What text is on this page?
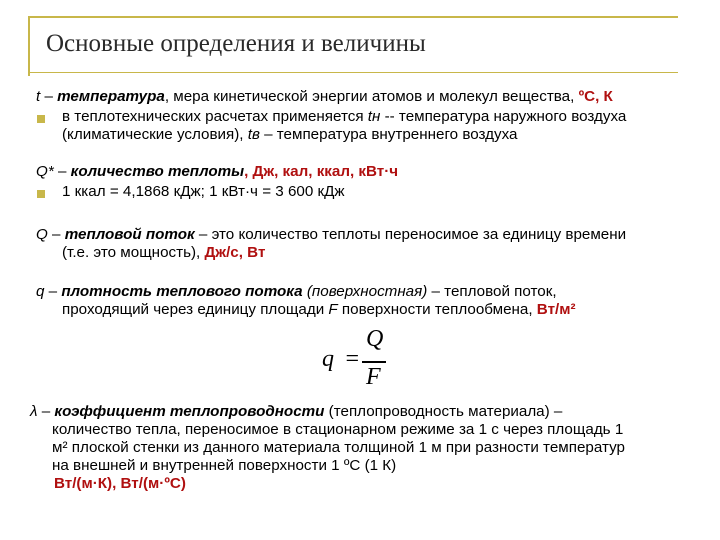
Основные определения и величины
t – температура, мера кинетической энергии атомов и молекул вещества, ºС, К
в теплотехнических расчетах применяется tн -- температура наружного воздуха
(климатические условия), tв – температура внутреннего воздуха
Q* – количество теплоты, Дж, кал, ккал, кВт·ч
1 ккал = 4,1868 кДж; 1 кВт·ч = 3 600 кДж
Q – тепловой поток – это количество теплоты переносимое за единицу времени
(т.е. это мощность), Дж/с, Вт
q – плотность теплового потока (поверхностная) – тепловой поток,
проходящий через единицу площади F поверхности теплообмена, Вт/м²
q =
Q
F
λ – коэффициент теплопроводности (теплопроводность материала) –
количество тепла, переносимое в стационарном режиме за 1 с через площадь 1
м² плоской стенки из данного материала толщиной 1 м при разности температур
на внешней и внутренней поверхности 1 ºС (1 К)
Вт/(м·К), Вт/(м·ºС)
